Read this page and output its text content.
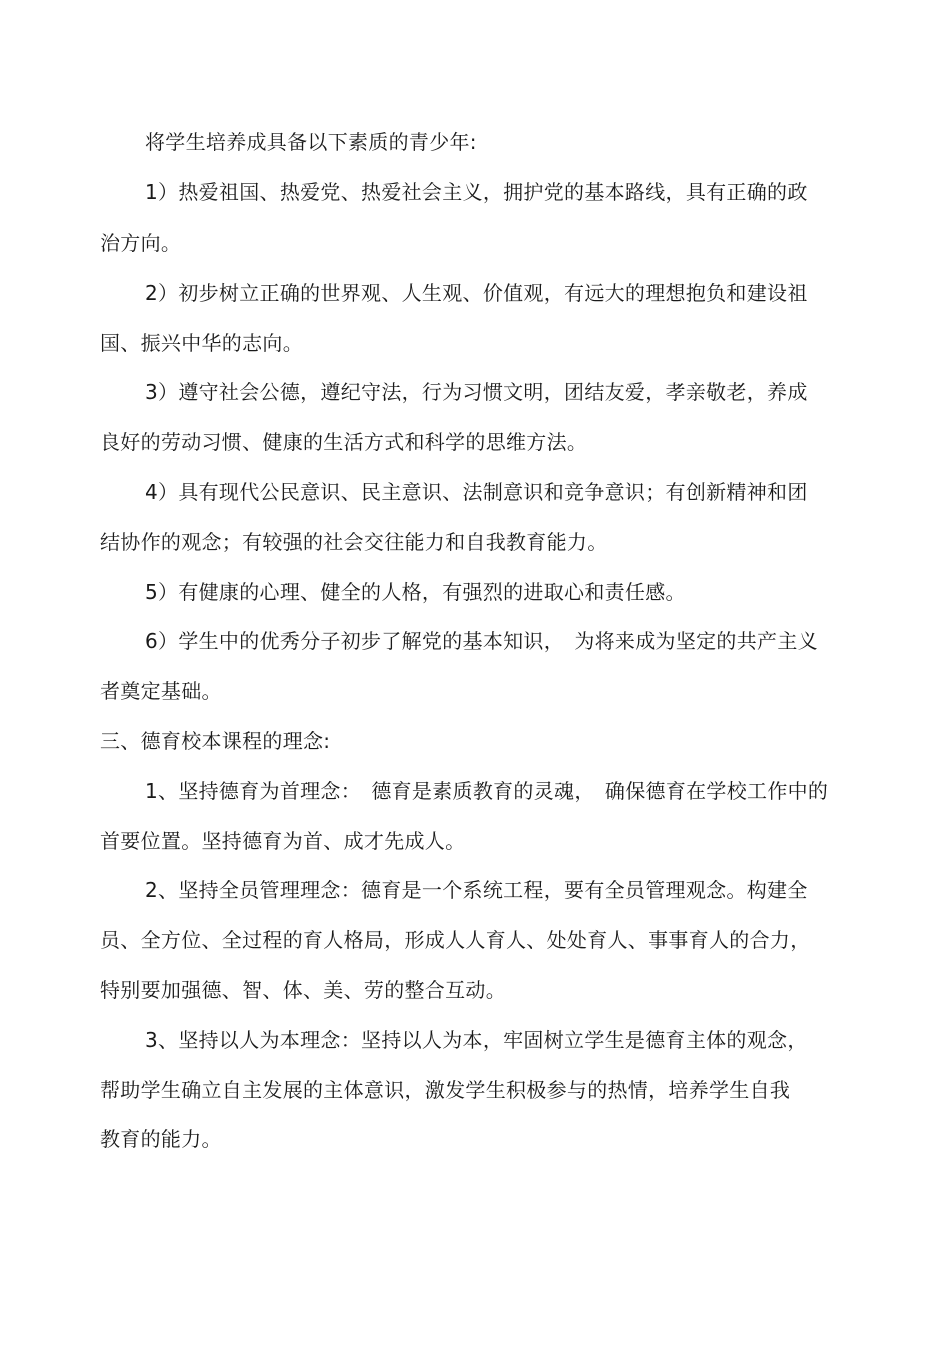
将学生培养成具备以下素质的青少年:
1）热爱祖国、热爱党、热爱社会主义，拥护党的基本路线，具有正确的政
治方向。
2）初步树立正确的世界观、人生观、价值观，有远大的理想抱负和建设祖
国、振兴中华的志向。
3）遵守社会公德，遵纪守法，行为习惯文明，团结友爱，孝亲敬老，养成
良好的劳动习惯、健康的生活方式和科学的思维方法。
4）具有现代公民意识、民主意识、法制意识和竞争意识；有创新精神和团
结协作的观念；有较强的社会交往能力和自我教育能力。
5）有健康的心理、健全的人格，有强烈的进取心和责任感。
6）学生中的优秀分子初步了解党的基本知识，　为将来成为坚定的共产主义
者奠定基础。
三、德育校本课程的理念:
1、坚持德育为首理念：　德育是素质教育的灵魂，　确保德育在学校工作中的
首要位置。坚持德育为首、成才先成人。
2、坚持全员管理理念：德育是一个系统工程，要有全员管理观念。构建全
员、全方位、全过程的育人格局，形成人人育人、处处育人、事事育人的合力，
特别要加强德、智、体、美、劳的整合互动。
3、坚持以人为本理念：坚持以人为本，牢固树立学生是德育主体的观念，
帮助学生确立自主发展的主体意识，激发学生积极参与的热情，培养学生自我
教育的能力。
